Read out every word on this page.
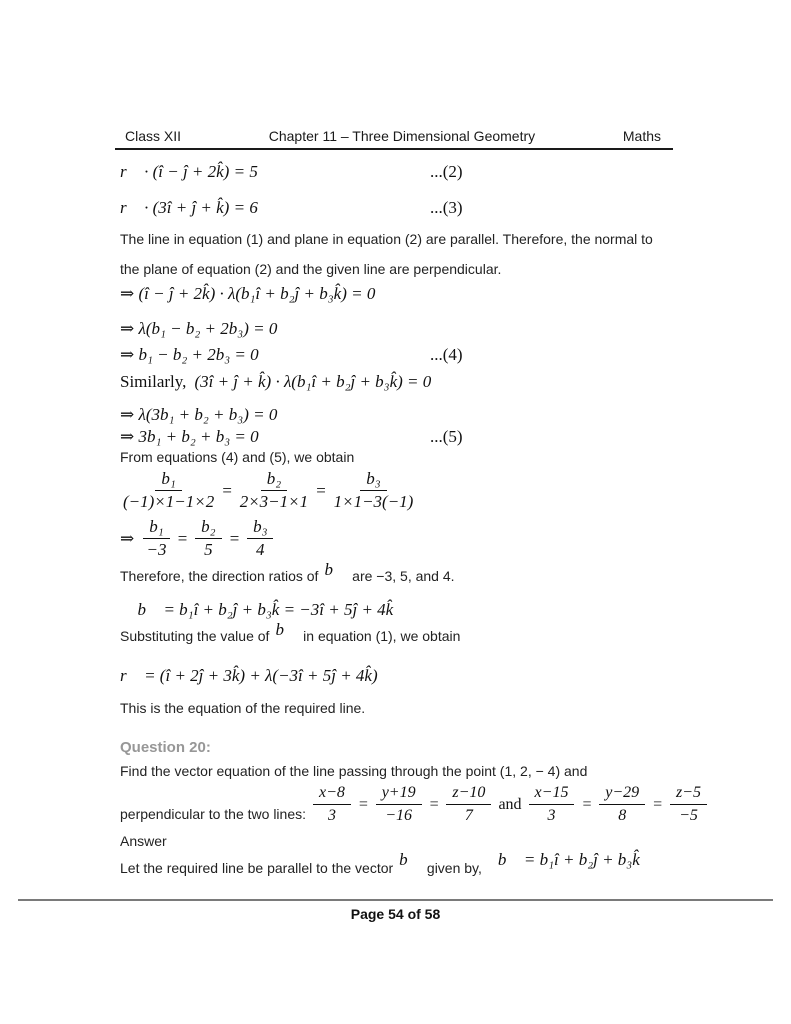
Class XII	Chapter 11 – Three Dimensional Geometry	Maths
r⃗ · (î − ĵ + 2k̂) = 5	...(2)
r⃗ · (3î + ĵ + k̂) = 6	...(3)
The line in equation (1) and plane in equation (2) are parallel. Therefore, the normal to
the plane of equation (2) and the given line are perpendicular.
⇒ (î − ĵ + 2k̂) · λ(b₁î + b₂ĵ + b₃k̂) = 0
⇒ λ(b₁ − b₂ + 2b₃) = 0
⇒ b₁ − b₂ + 2b₃ = 0	...(4)
Similarly, (3î + ĵ + k̂) · λ(b₁î + b₂ĵ + b₃k̂) = 0
⇒ λ(3b₁ + b₂ + b₃) = 0
⇒ 3b₁ + b₂ + b₃ = 0	...(5)
From equations (4) and (5), we obtain
$\frac{\text{b₁}}{(-1)\times 1-1\times 2} = \frac{\text{b₂}}{2\times 3-1\times 1} = \frac{\text{b₃}}{1\times 1-3(-1)}$
⇒ $\frac{\text{b₁}}{-3} = \frac{\text{b₂}}{5} = \frac{\text{b₃}}{4}$
Therefore, the direction ratios of b⃗ are −3, 5, and 4.
∴ b⃗ = b₁î + b₂ĵ + b₃k̂ = −3î + 5ĵ + 4k̂
Substituting the value of b⃗ in equation (1), we obtain
r⃗ = (î + 2ĵ + 3k̂) + λ(−3î + 5ĵ + 4k̂)
This is the equation of the required line.
Question 20:
Find the vector equation of the line passing through the point (1, 2, − 4) and
perpendicular to the two lines: $\frac{x-8}{3} = \frac{y+19}{-16} = \frac{z-10}{7}$ and $\frac{x-15}{3} = \frac{y-29}{8} = \frac{z-5}{-5}$
Answer
Let the required line be parallel to the vector b⃗ given by, b⃗ = b₁î + b₂ĵ + b₃k̂
Page 54 of 58
